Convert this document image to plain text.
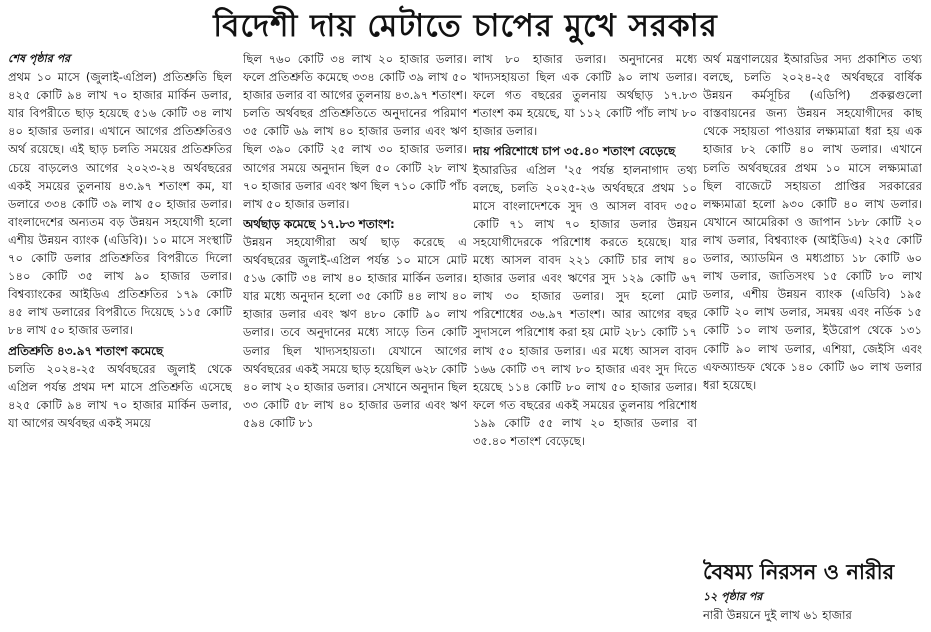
বিদেশী দায় মেটাতে চাপের মুখে সরকার

শেষ পৃষ্ঠার পর

প্রথম ১০ মাসে (জুলাই-এপ্রিল) প্রতিশ্রুতি ছিল ৪২৫ কোটি ৯৪ লাখ ৭০ হাজার মার্কিন ডলার, যার বিপরীতে ছাড় হয়েছে ৫১৬ কোটি ৩৪ লাখ ৪০ হাজার ডলার। এখানে আগের প্রতিশ্রুতিরও অর্থ রয়েছে। এই ছাড় চলতি সময়ের প্রতিশ্রুতির চেয়ে বাড়লেও আগের ২০২৩-২৪ অর্থবছরের একই সময়ের তুলনায় ৪৩.৯৭ শতাংশ কম, যা ডলারে ৩৩৪ কোটি ৩৯ লাখ ৫০ হাজার ডলার। বাংলাদেশের অন্যতম বড় উন্নয়ন সহযোগী হলো এশীয় উন্নয়ন ব্যাংক (এডিবি)। ১০ মাসে সংস্থাটি ৭০ কোটি ডলার প্রতিশ্রুতির বিপরীতে দিলো ১৪০ কোটি ৩৫ লাখ ৯০ হাজার ডলার। বিশ্বব্যাংকের আইডিএ প্রতিশ্রুতির ১৭৯ কোটি ৪৫ লাখ ডলারের বিপরীতে দিয়েছে ১১৫ কোটি ৮৪ লাখ ৫০ হাজার ডলার।

প্রতিশ্রুতি ৪৩.৯৭ শতাংশ কমেছে

চলতি ২০২৪-২৫ অর্থবছরের জুলাই থেকে এপ্রিল পর্যন্ত প্রথম দশ মাসে প্রতিশ্রুতি এসেছে ৪২৫ কোটি ৯৪ লাখ ৭০ হাজার মার্কিন ডলার, যা আগের অর্থবছর একই সময়ে

ছিল ৭৬০ কোটি ৩৪ লাখ ২০ হাজার ডলার। ফলে প্রতিশ্রুতি কমেছে ৩৩৪ কোটি ৩৯ লাখ ৫০ হাজার ডলার বা আগের তুলনায় ৪৩.৯৭ শতাংশ। চলতি অর্থবছর প্রতিশ্রুতিতে অনুদানের পরিমাণ ৩৫ কোটি ৬৯ লাখ ৪০ হাজার ডলার এবং ঋণ ছিল ৩৯০ কোটি ২৫ লাখ ৩০ হাজার ডলার। আগের সময়ে অনুদান ছিল ৫০ কোটি ২৮ লাখ ৭০ হাজার ডলার এবং ঋণ ছিল ৭১০ কোটি পাঁচ লাখ ৫০ হাজার ডলার।

অর্থছাড় কমেছে ১৭.৮৩ শতাংশ:

উন্নয়ন সহযোগীরা অর্থ ছাড় করেছে এ অর্থবছরের জুলাই-এপ্রিল পর্যন্ত ১০ মাসে মোট ৫১৬ কোটি ৩৪ লাখ ৪০ হাজার মার্কিন ডলার। যার মধ্যে অনুদান হলো ৩৫ কোটি ৪৪ লাখ ৪০ হাজার ডলার এবং ঋণ ৪৮০ কোটি ৯০ লাখ ডলার। তবে অনুদানের মধ্যে সাড়ে তিন কোটি ডলার ছিল খাদ্যসহায়তা। যেখানে আগের অর্থবছরের একই সময়ে ছাড় হয়েছিল ৬২৮ কোটি ৪০ লাখ ২০ হাজার ডলার। সেখানে অনুদান ছিল ৩৩ কোটি ৫৮ লাখ ৪০ হাজার ডলার এবং ঋণ ৫৯৪ কোটি ৮১

লাখ ৮০ হাজার ডলার। অনুদানের মধ্যে খাদ্যসহায়তা ছিল এক কোটি ৯০ লাখ ডলার। ফলে গত বছরের তুলনায় অর্থছাড় ১৭.৮৩ শতাংশ কম হয়েছে, যা ১১২ কোটি পাঁচ লাখ ৮০ হাজার ডলার।

দায় পরিশোধে চাপ ৩৫.৪০ শতাংশ বেড়েছে

ইআরডির এপ্রিল '২৫ পর্যন্ত হালনাগাদ তথ্য বলছে, চলতি ২০২৫-২৬ অর্থবছরে প্রথম ১০ মাসে বাংলাদেশকে সুদ ও আসল বাবদ ৩৫০ কোটি ৭১ লাখ ৭০ হাজার ডলার উন্নয়ন সহযোগীদেরকে পরিশোধ করতে হয়েছে। যার মধ্যে আসল বাবদ ২২১ কোটি চার লাখ ৪০ হাজার ডলার এবং ঋণের সুদ ১২৯ কোটি ৬৭ লাখ ৩০ হাজার ডলার। সুদ হলো মোট পরিশোধের ৩৬.৯৭ শতাংশ। আর আগের বছর সুদাসলে পরিশোধ করা হয় মোট ২৮১ কোটি ১৭ লাখ ৫০ হাজার ডলার। এর মধ্যে আসল বাবদ ১৬৬ কোটি ৩৭ লাখ ৮০ হাজার এবং সুদ দিতে হয়েছে ১১৪ কোটি ৮০ লাখ ৫০ হাজার ডলার। ফলে গত বছরের একই সময়ের তুলনায় পরিশোধ ১৯৯ কোটি ৫৫ লাখ ২০ হাজার ডলার বা ৩৫.৪০ শতাংশ বেড়েছে।

অর্থ মন্ত্রণালয়ের ইআরডির সদ্য প্রকাশিত তথ্য বলছে, চলতি ২০২৪-২৫ অর্থবছরে বার্ষিক উন্নয়ন কর্মসূচির (এডিপি) প্রকল্পগুলো বাস্তবায়নের জন্য উন্নয়ন সহযোগীদের কাছ থেকে সহায়তা পাওয়ার লক্ষ্যমাত্রা ধরা হয় এক হাজার ৮২ কোটি ৪০ লাখ ডলার। এখানে চলতি অর্থবছরের প্রথম ১০ মাসে লক্ষ্যমাত্রা ছিল বাজেটে সহায়তা প্রাপ্তির সরকারের লক্ষ্যমাত্রা হলো ৯৩০ কোটি ৪০ লাখ ডলার। যেখানে আমেরিকা ও জাপান ১৮৮ কোটি ২০ লাখ ডলার, বিশ্বব্যাংক (আইডিএ) ২২৫ কোটি ডলার, অ্যাডমিন ও মধ্যপ্রাচ্য ১৮ কোটি ৬০ লাখ ডলার, জাতিসংঘ ১৫ কোটি ৮০ লাখ ডলার, এশীয় উন্নয়ন ব্যাংক (এডিবি) ১৯৫ কোটি ২০ লাখ ডলার, সমন্বয় এবং নর্ডিক ১৫ কোটি ১০ লাখ ডলার, ইউরোপ থেকে ১৩১ কোটি ৯০ লাখ ডলার, এশিয়া, জেইসি এবং এফঅ্যান্ডফ থেকে ১৪০ কোটি ৬০ লাখ ডলার ধরা হয়েছে।

বৈষম্য নিরসন ও নারীর

১২ পৃষ্ঠার পর

নারী উন্নয়নে দুই লাখ ৬১ হাজার
